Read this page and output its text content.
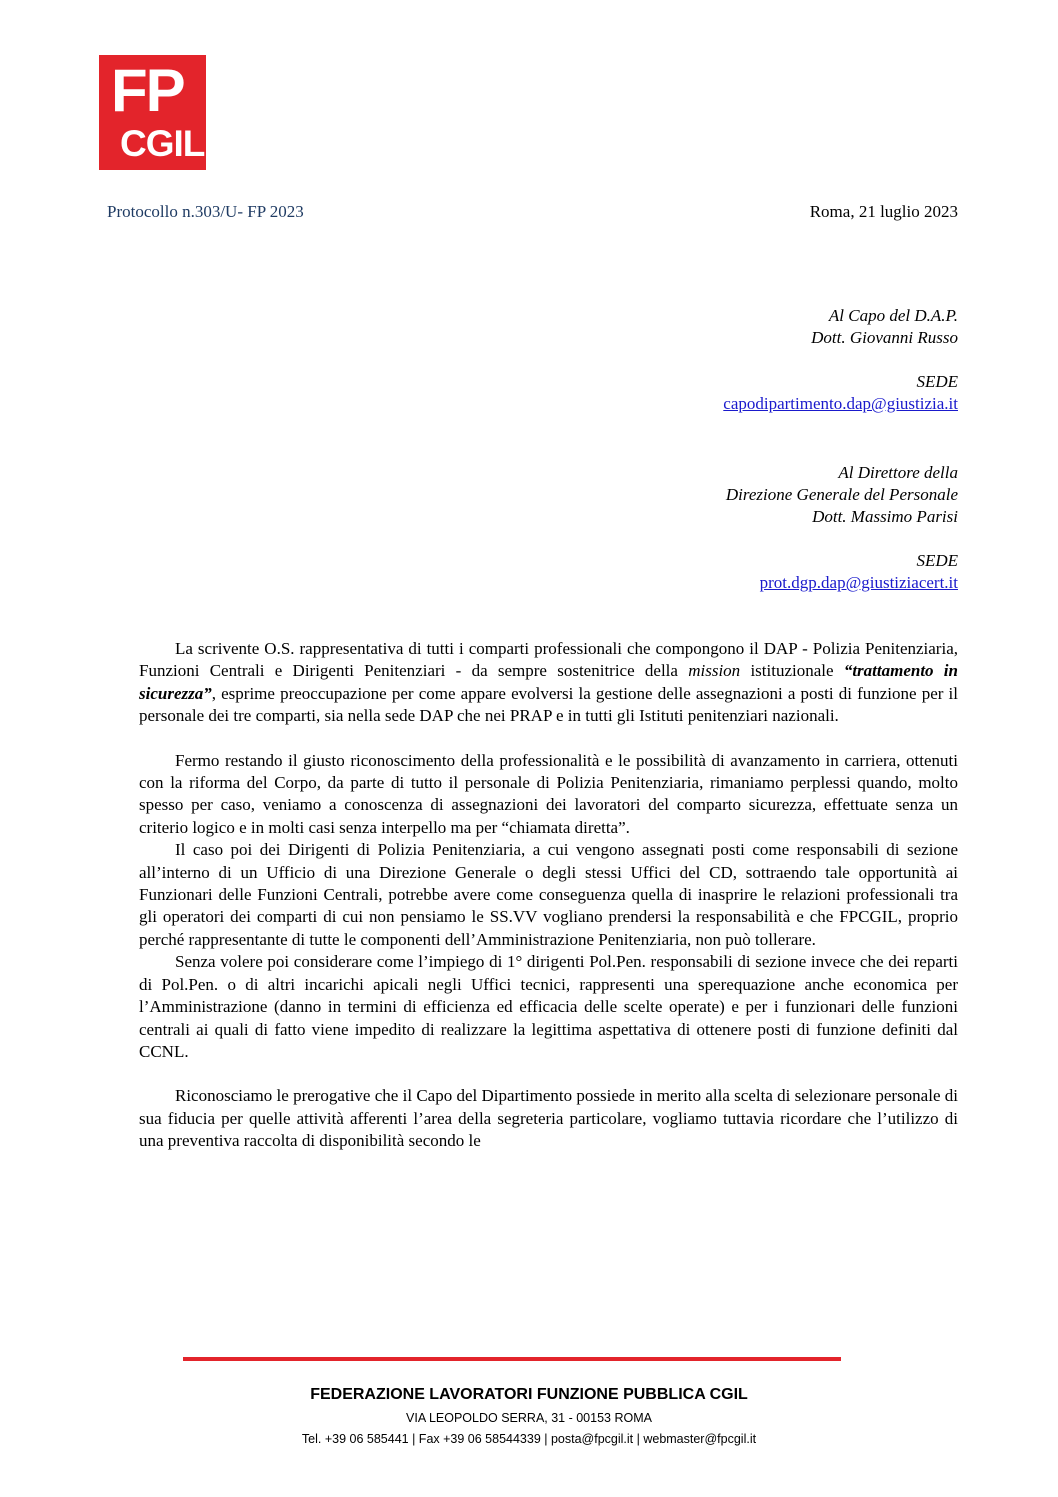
FP
CGIL
Protocollo n.303/U- FP 2023	Roma, 21 luglio 2023
Al Capo del D.A.P.
Dott. Giovanni Russo
SEDE
capodipartimento.dap@giustizia.it
Al Direttore della
Direzione Generale del Personale
Dott. Massimo Parisi
SEDE
prot.dgp.dap@giustiziacert.it

La scrivente O.S. rappresentativa di tutti i comparti professionali che compongono il DAP - Polizia Penitenziaria, Funzioni Centrali e Dirigenti Penitenziari - da sempre sostenitrice della mission istituzionale “trattamento in sicurezza”, esprime preoccupazione per come appare evolversi la gestione delle assegnazioni a posti di funzione per il personale dei tre comparti, sia nella sede DAP che nei PRAP e in tutti gli Istituti penitenziari nazionali.

Fermo restando il giusto riconoscimento della professionalità e le possibilità di avanzamento in carriera, ottenuti con la riforma del Corpo, da parte di tutto il personale di Polizia Penitenziaria, rimaniamo perplessi quando, molto spesso per caso, veniamo a conoscenza di assegnazioni dei lavoratori del comparto sicurezza, effettuate senza un criterio logico e in molti casi senza interpello ma per “chiamata diretta”.

Il caso poi dei Dirigenti di Polizia Penitenziaria, a cui vengono assegnati posti come responsabili di sezione all’interno di un Ufficio di una Direzione Generale o degli stessi Uffici del CD, sottraendo tale opportunità ai Funzionari delle Funzioni Centrali, potrebbe avere come conseguenza quella di inasprire le relazioni professionali tra gli operatori dei comparti di cui non pensiamo le SS.VV vogliano prendersi la responsabilità e che FPCGIL, proprio perché rappresentante di tutte le componenti dell’Amministrazione Penitenziaria, non può tollerare.

Senza volere poi considerare come l’impiego di 1° dirigenti Pol.Pen. responsabili di sezione invece che dei reparti di Pol.Pen. o di altri incarichi apicali negli Uffici tecnici, rappresenti una sperequazione anche economica per l’Amministrazione (danno in termini di efficienza ed efficacia delle scelte operate) e per i funzionari delle funzioni centrali ai quali di fatto viene impedito di realizzare la legittima aspettativa di ottenere posti di funzione definiti dal CCNL.

Riconosciamo le prerogative che il Capo del Dipartimento possiede in merito alla scelta di selezionare personale di sua fiducia per quelle attività afferenti l’area della segreteria particolare, vogliamo tuttavia ricordare che l’utilizzo di una preventiva raccolta di disponibilità secondo le

FEDERAZIONE LAVORATORI FUNZIONE PUBBLICA CGIL
VIA LEOPOLDO SERRA, 31 - 00153 ROMA
Tel. +39 06 585441 | Fax +39 06 58544339 | posta@fpcgil.it | webmaster@fpcgil.it
